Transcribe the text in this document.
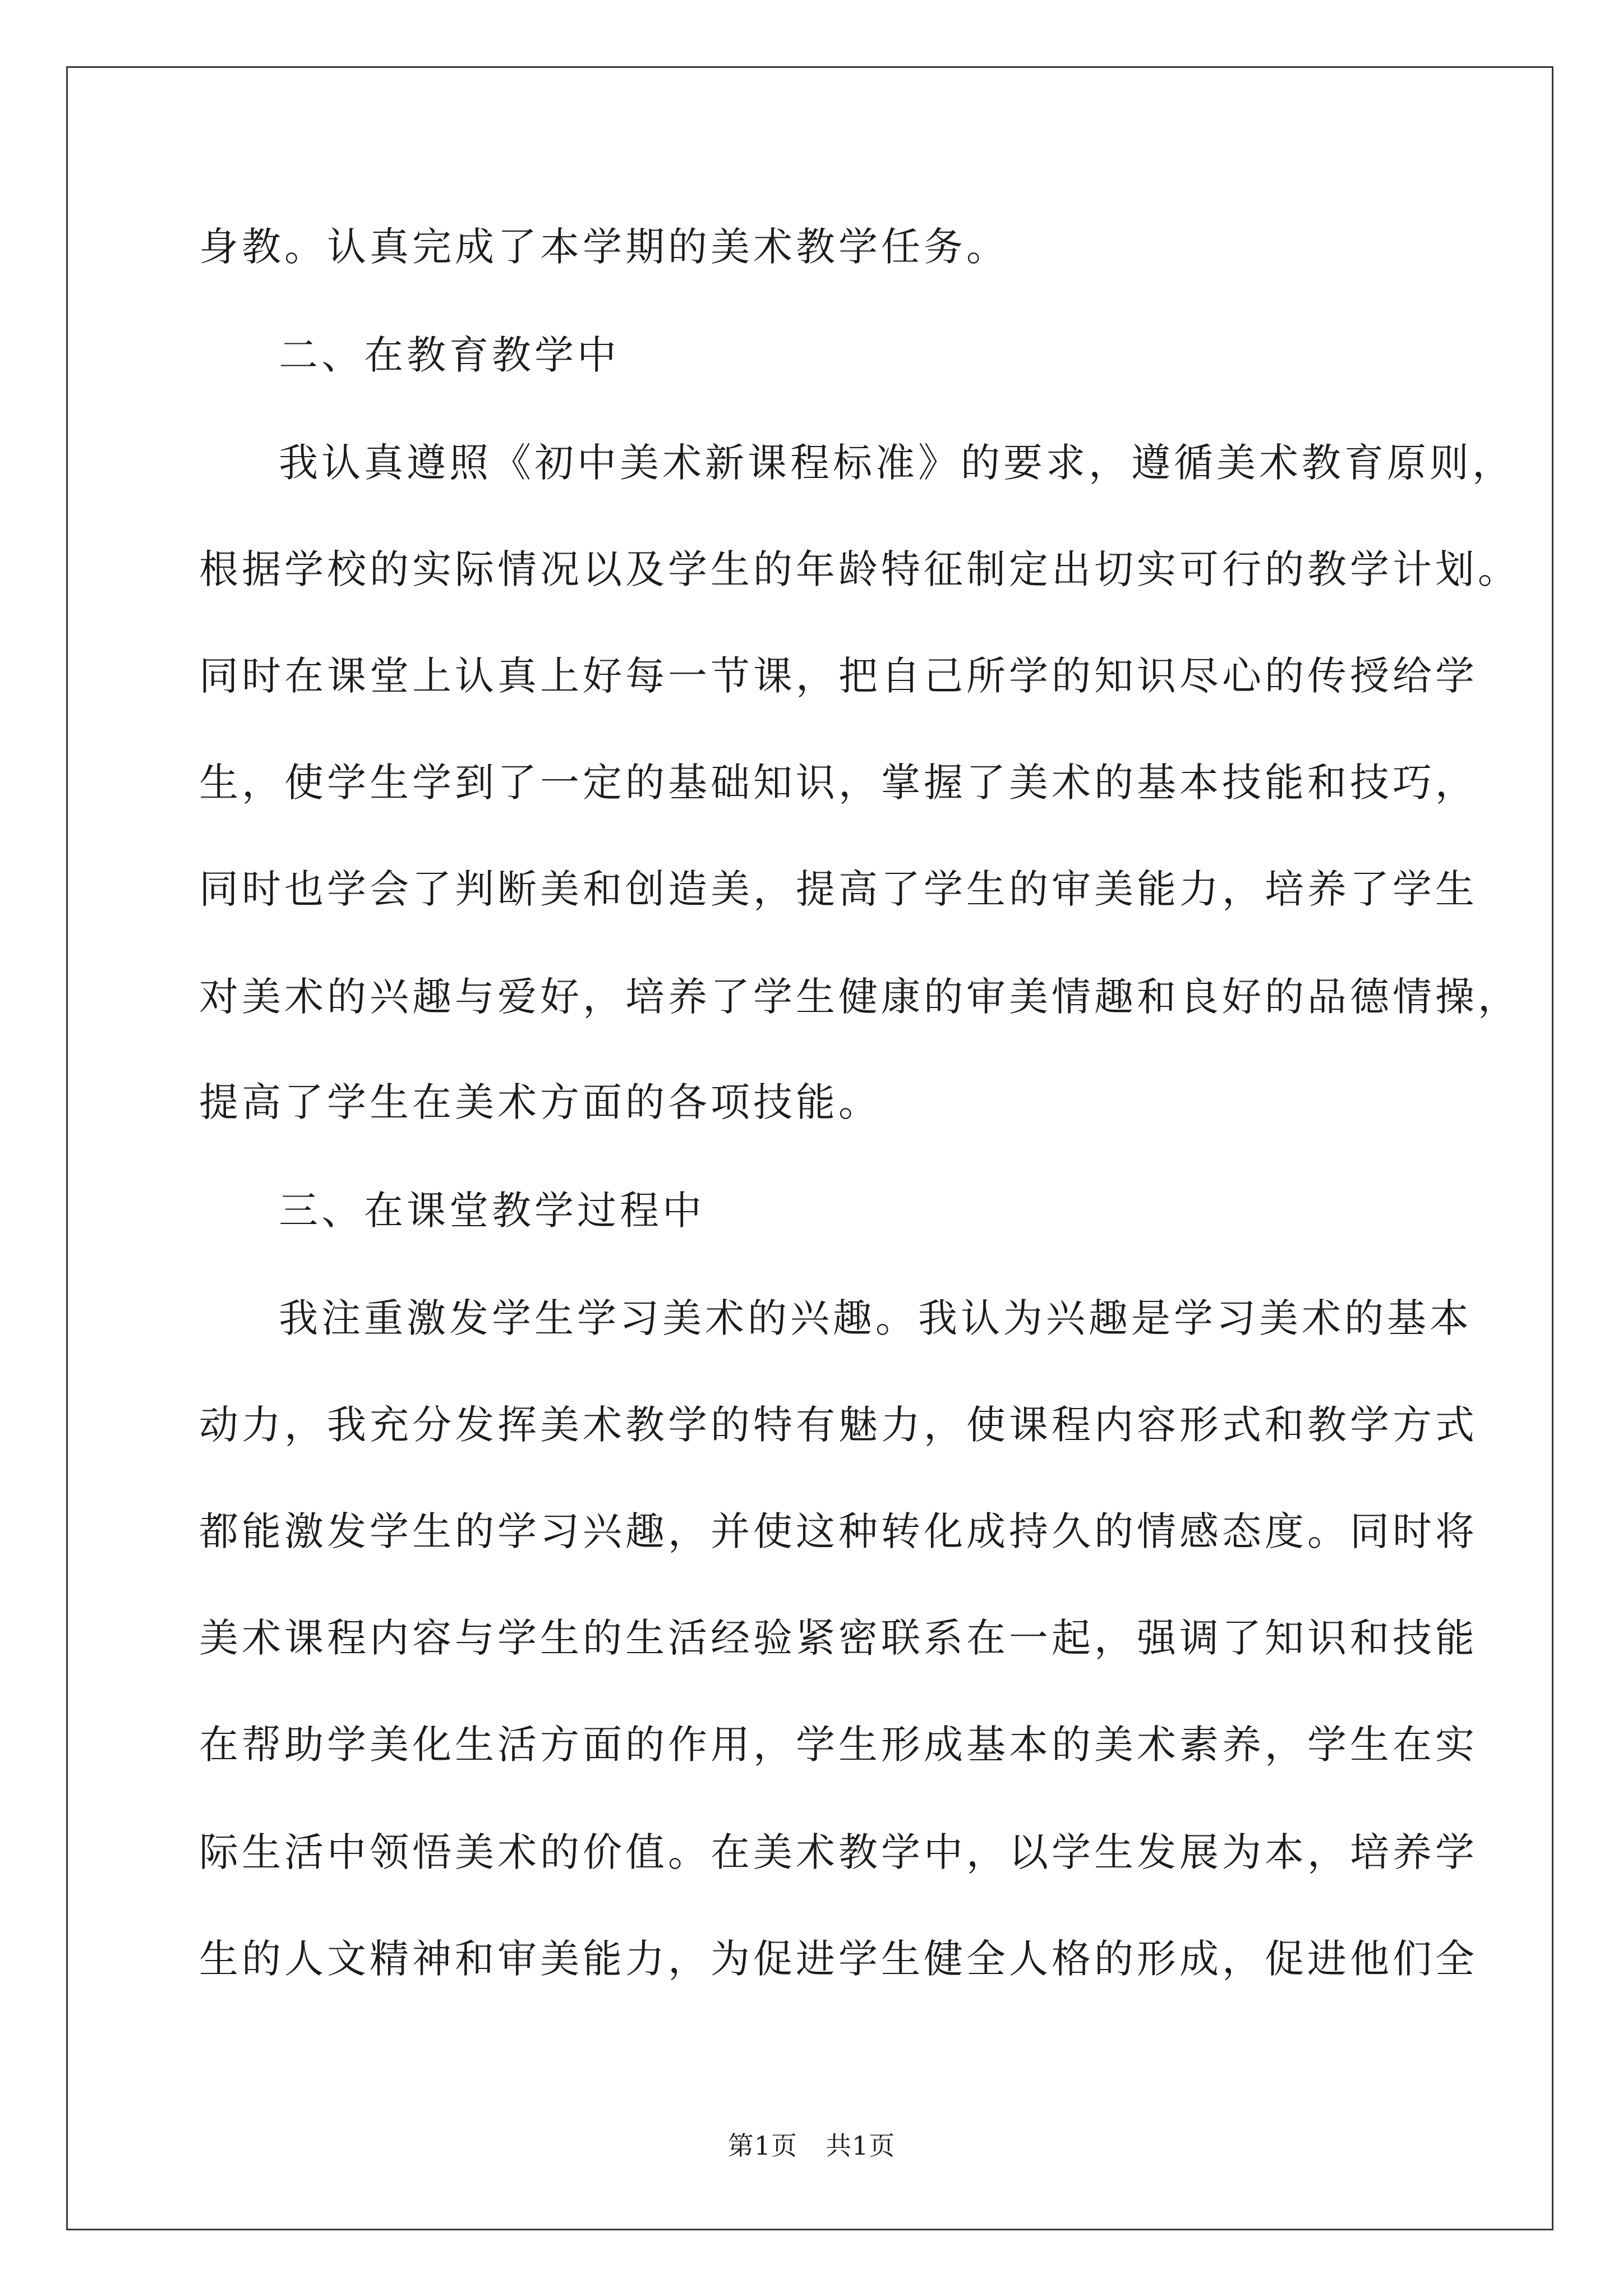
身教。认真完成了本学期的美术教学任务。
二、在教育教学中
我认真遵照《初中美术新课程标准》的要求，遵循美术教育原则，
根据学校的实际情况以及学生的年龄特征制定出切实可行的教学计划。
同时在课堂上认真上好每一节课，把自己所学的知识尽心的传授给学
生，使学生学到了一定的基础知识，掌握了美术的基本技能和技巧，
同时也学会了判断美和创造美，提高了学生的审美能力，培养了学生
对美术的兴趣与爱好，培养了学生健康的审美情趣和良好的品德情操，
提高了学生在美术方面的各项技能。
三、在课堂教学过程中
我注重激发学生学习美术的兴趣。我认为兴趣是学习美术的基本
动力，我充分发挥美术教学的特有魅力，使课程内容形式和教学方式
都能激发学生的学习兴趣，并使这种转化成持久的情感态度。同时将
美术课程内容与学生的生活经验紧密联系在一起，强调了知识和技能
在帮助学美化生活方面的作用，学生形成基本的美术素养，学生在实
际生活中领悟美术的价值。在美术教学中，以学生发展为本，培养学
生的人文精神和审美能力，为促进学生健全人格的形成，促进他们全
第1页 共1页
